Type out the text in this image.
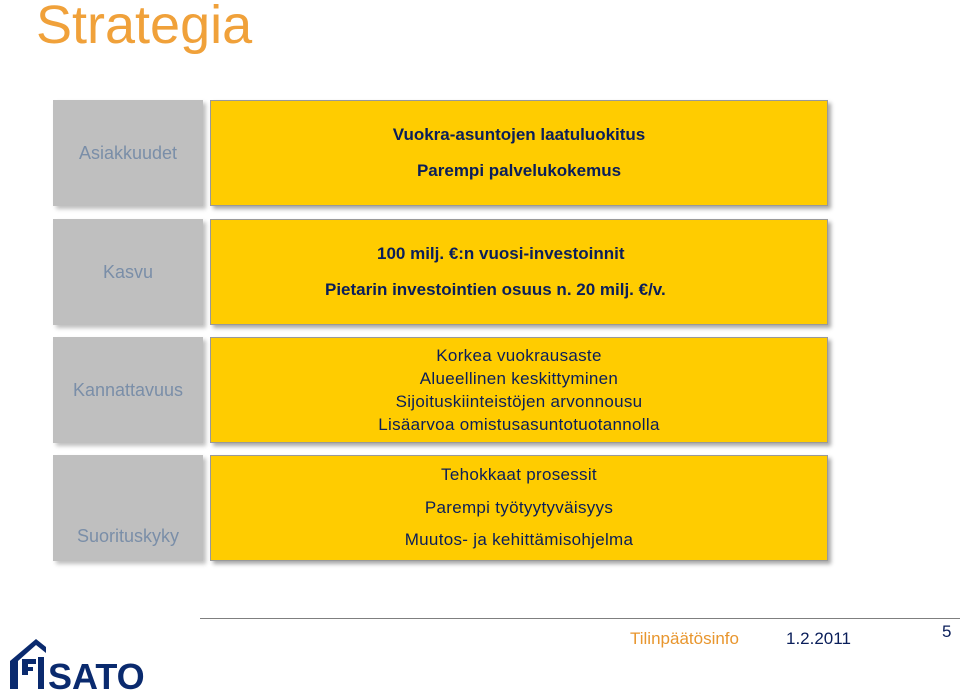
Strategia
Asiakkuudet
Vuokra-asuntojen laatuluokitus
Parempi palvelukokemus
Kasvu
100 milj. €:n vuosi-investoinnit
Pietarin investointien osuus n. 20 milj. €/v.
Kannattavuus
Korkea vuokrausaste
Alueellinen keskittyminen
Sijoituskiinteistöjen arvonnousu
Lisäarvoa omistusasuntotuotannolla
Suorituskyky
Tehokkaat prosessit
Parempi työtyytyväisyys
Muutos- ja kehittämisohjelma
Tilinpäätösinfo	1.2.2011	5
SATO
